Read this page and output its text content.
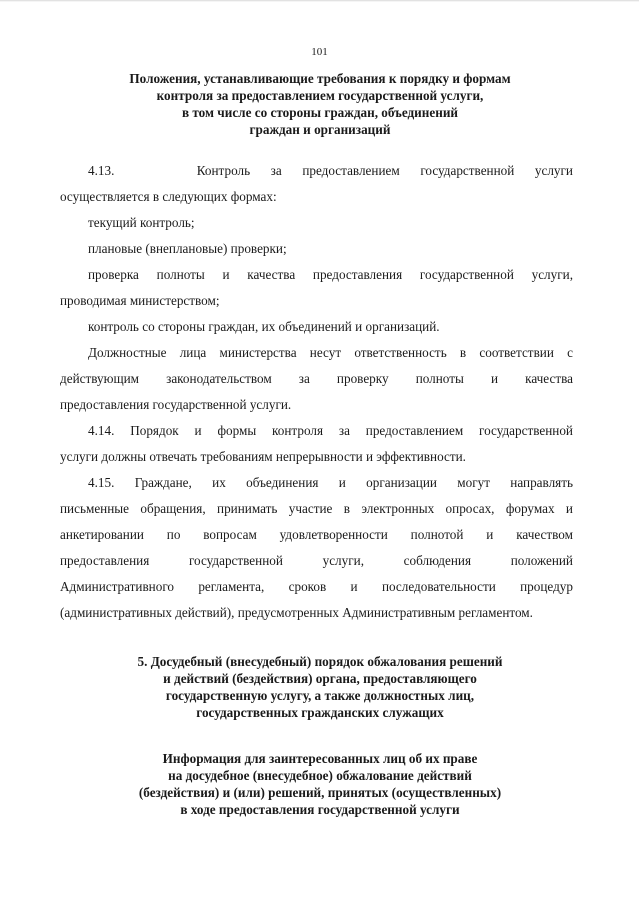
101
Положения, устанавливающие требования к порядку и формам
контроля за предоставлением государственной услуги,
в том числе со стороны граждан, объединений
граждан и организаций
4.13.    Контроль за предоставлением государственной услуги
осуществляется в следующих формах:
текущий контроль;
плановые (внеплановые) проверки;
проверка полноты и качества предоставления государственной услуги,
проводимая министерством;
контроль со стороны граждан, их объединений и организаций.
Должностные лица министерства несут ответственность в соответствии с
действующим законодательством за проверку полноты и качества
предоставления государственной услуги.
4.14. Порядок и формы контроля за предоставлением государственной
услуги должны отвечать требованиям непрерывности и эффективности.
4.15. Граждане, их объединения и организации могут направлять
письменные обращения, принимать участие в электронных опросах, форумах и
анкетировании по вопросам удовлетворенности полнотой и качеством
предоставления государственной услуги, соблюдения положений
Административного регламента, сроков и последовательности процедур
(административных действий), предусмотренных Административным регламентом.
5. Досудебный (внесудебный) порядок обжалования решений
и действий (бездействия) органа, предоставляющего
государственную услугу, а также должностных лиц,
государственных гражданских служащих
Информация для заинтересованных лиц об их праве
на досудебное (внесудебное) обжалование действий
(бездействия) и (или) решений, принятых (осуществленных)
в ходе предоставления государственной услуги
